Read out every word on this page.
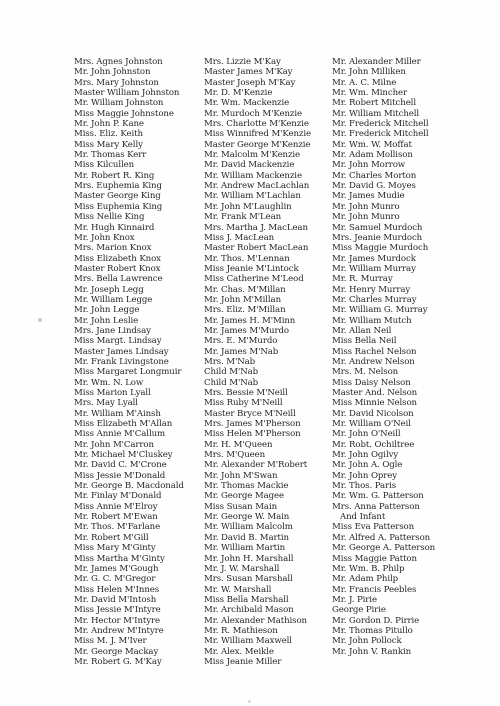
Mrs. Agnes Johnston
Mr. John Johnston
Mrs. Mary Johnston
Master William Johnston
Mr. William Johnston
Miss Maggie Johnstone
Mr. John P. Kane
Miss. Eliz. Keith
Miss Mary Kelly
Mr. Thomas Kerr
Miss Kilcullen
Mr. Robert R. King
Mrs. Euphemia King
Master George King
Miss Euphemia King
Miss Nellie King
Mr. Hugh Kinnaird
Mr. John Knox
Mrs. Marion Knox
Miss Elizabeth Knox
Master Robert Knox
Mrs. Bella Lawrence
Mr. Joseph Legg
Mr. William Legge
Mr. John Legge
Mr. John Leslie
Mrs. Jane Lindsay
Miss Margt. Lindsay
Master James Lindsay
Mr. Frank Livingstone
Miss Margaret Longmuir
Mr. Wm. N. Low
Miss Marion Lyall
Mrs. May Lyall
Mr. William M'Ainsh
Miss Elizabeth M'Allan
Miss Annie M'Callum
Mr. John M'Carron
Mr. Michael M'Cluskey
Mr. David C. M'Crone
Miss Jessie M'Donald
Mr. George B. Macdonald
Mr. Finlay M'Donald
Miss Annie M'Elroy
Mr. Robert M'Ewan
Mr. Thos. M'Farlane
Mr. Robert M'Gill
Miss Mary M'Ginty
Miss Martha M'Ginty
Mr. James M'Gough
Mr. G. C. M'Gregor
Miss Helen M'Innes
Mr. David M'Intosh
Miss Jessie M'Intyre
Mr. Hector M'Intyre
Mr. Andrew M'Intyre
Miss M. J. M'Iver
Mr. George Mackay
Mr. Robert G. M'Kay
Mrs. Lizzie M'Kay
Master James M'Kay
Master Joseph M'Kay
Mr. D. M'Kenzie
Mr. Wm. Mackenzie
Mr. Murdoch M'Kenzie
Mrs. Charlotte M'Kenzie
Miss Winnifred M'Kenzie
Master George M'Kenzie
Mr. Malcolm M'Kenzie
Mr. David Mackenzie
Mr. William Mackenzie
Mr. Andrew MacLachlan
Mr. William M'Lachlan
Mr. John M'Laughlin
Mr. Frank M'Lean
Mrs. Martha J. MacLean
Miss J. MacLean
Master Robert MacLean
Mr. Thos. M'Lennan
Miss Jeanie M'Lintock
Miss Catherine M'Leod
Mr. Chas. M'Millan
Mr. John M'Millan
Mrs. Eliz. M'Millan
Mr. James H. M'Minn
Mr. James M'Murdo
Mrs. E. M'Murdo
Mr. James M'Nab
Mrs. M'Nab
Child M'Nab
Child M'Nab
Mrs. Bessie M'Neill
Miss Ruby M'Neill
Master Bryce M'Neill
Mrs. James M'Pherson
Miss Helen M'Pherson
Mr. H. M'Queen
Mrs. M'Queen
Mr. Alexander M'Robert
Mr. John M'Swan
Mr. Thomas Mackie
Mr. George Magee
Miss Susan Main
Mr. George W. Main
Mr. William Malcolm
Mr. David B. Martin
Mr. William Martin
Mr. John H. Marshall
Mr. J. W. Marshall
Mrs. Susan Marshall
Mr. W. Marshall
Miss Bella Marshall
Mr. Archibald Mason
Mr. Alexander Mathison
Mr. R. Mathieson
Mr. William Maxwell
Mr. Alex. Meikle
Miss Jeanie Miller
Mr. Alexander Miller
Mr. John Milliken
Mr. A. C. Milne
Mr. Wm. Mincher
Mr. Robert Mitchell
Mr. William Mitchell
Mr. Frederick Mitchell
Mr. Frederick Mitchell
Mr. Wm. W. Moffat
Mr. Adam Mollison
Mr. John Morrow
Mr. Charles Morton
Mr. David G. Moyes
Mr. James Mudie
Mr. John Munro
Mr. John Munro
Mr. Samuel Murdoch
Mrs. Jeanie Murdoch
Miss Maggie Murdoch
Mr. James Murdock
Mr. William Murray
Mr. R. Murray
Mr. Henry Murray
Mr. Charles Murray
Mr. William G. Murray
Mr. William Mutch
Mr. Allan Neil
Miss Bella Neil
Miss Rachel Nelson
Mr. Andrew Nelson
Mrs. M. Nelson
Miss Daisy Nelson
Master And. Nelson
Miss Minnie Nelson
Mr. David Nicolson
Mr. William O'Neil
Mr. John O'Neill
Mr. Robt. Ochiltree
Mr. John Ogilvy
Mr. John A. Ogle
Mr. John Oprey
Mr. Thos. Paris
Mr. Wm. G. Patterson
Mrs. Anna Patterson
And Infant
Miss Eva Patterson
Mr. Alfred A. Patterson
Mr. George A. Patterson
Miss Maggie Patton
Mr. Wm. B. Philp
Mr. Adam Philp
Mr. Francis Peebles
Mr. J. Pirie
George Pirie
Mr. Gordon D. Pirrie
Mr. Thomas Pitullo
Mr. John Pollock
Mr. John V. Rankin
